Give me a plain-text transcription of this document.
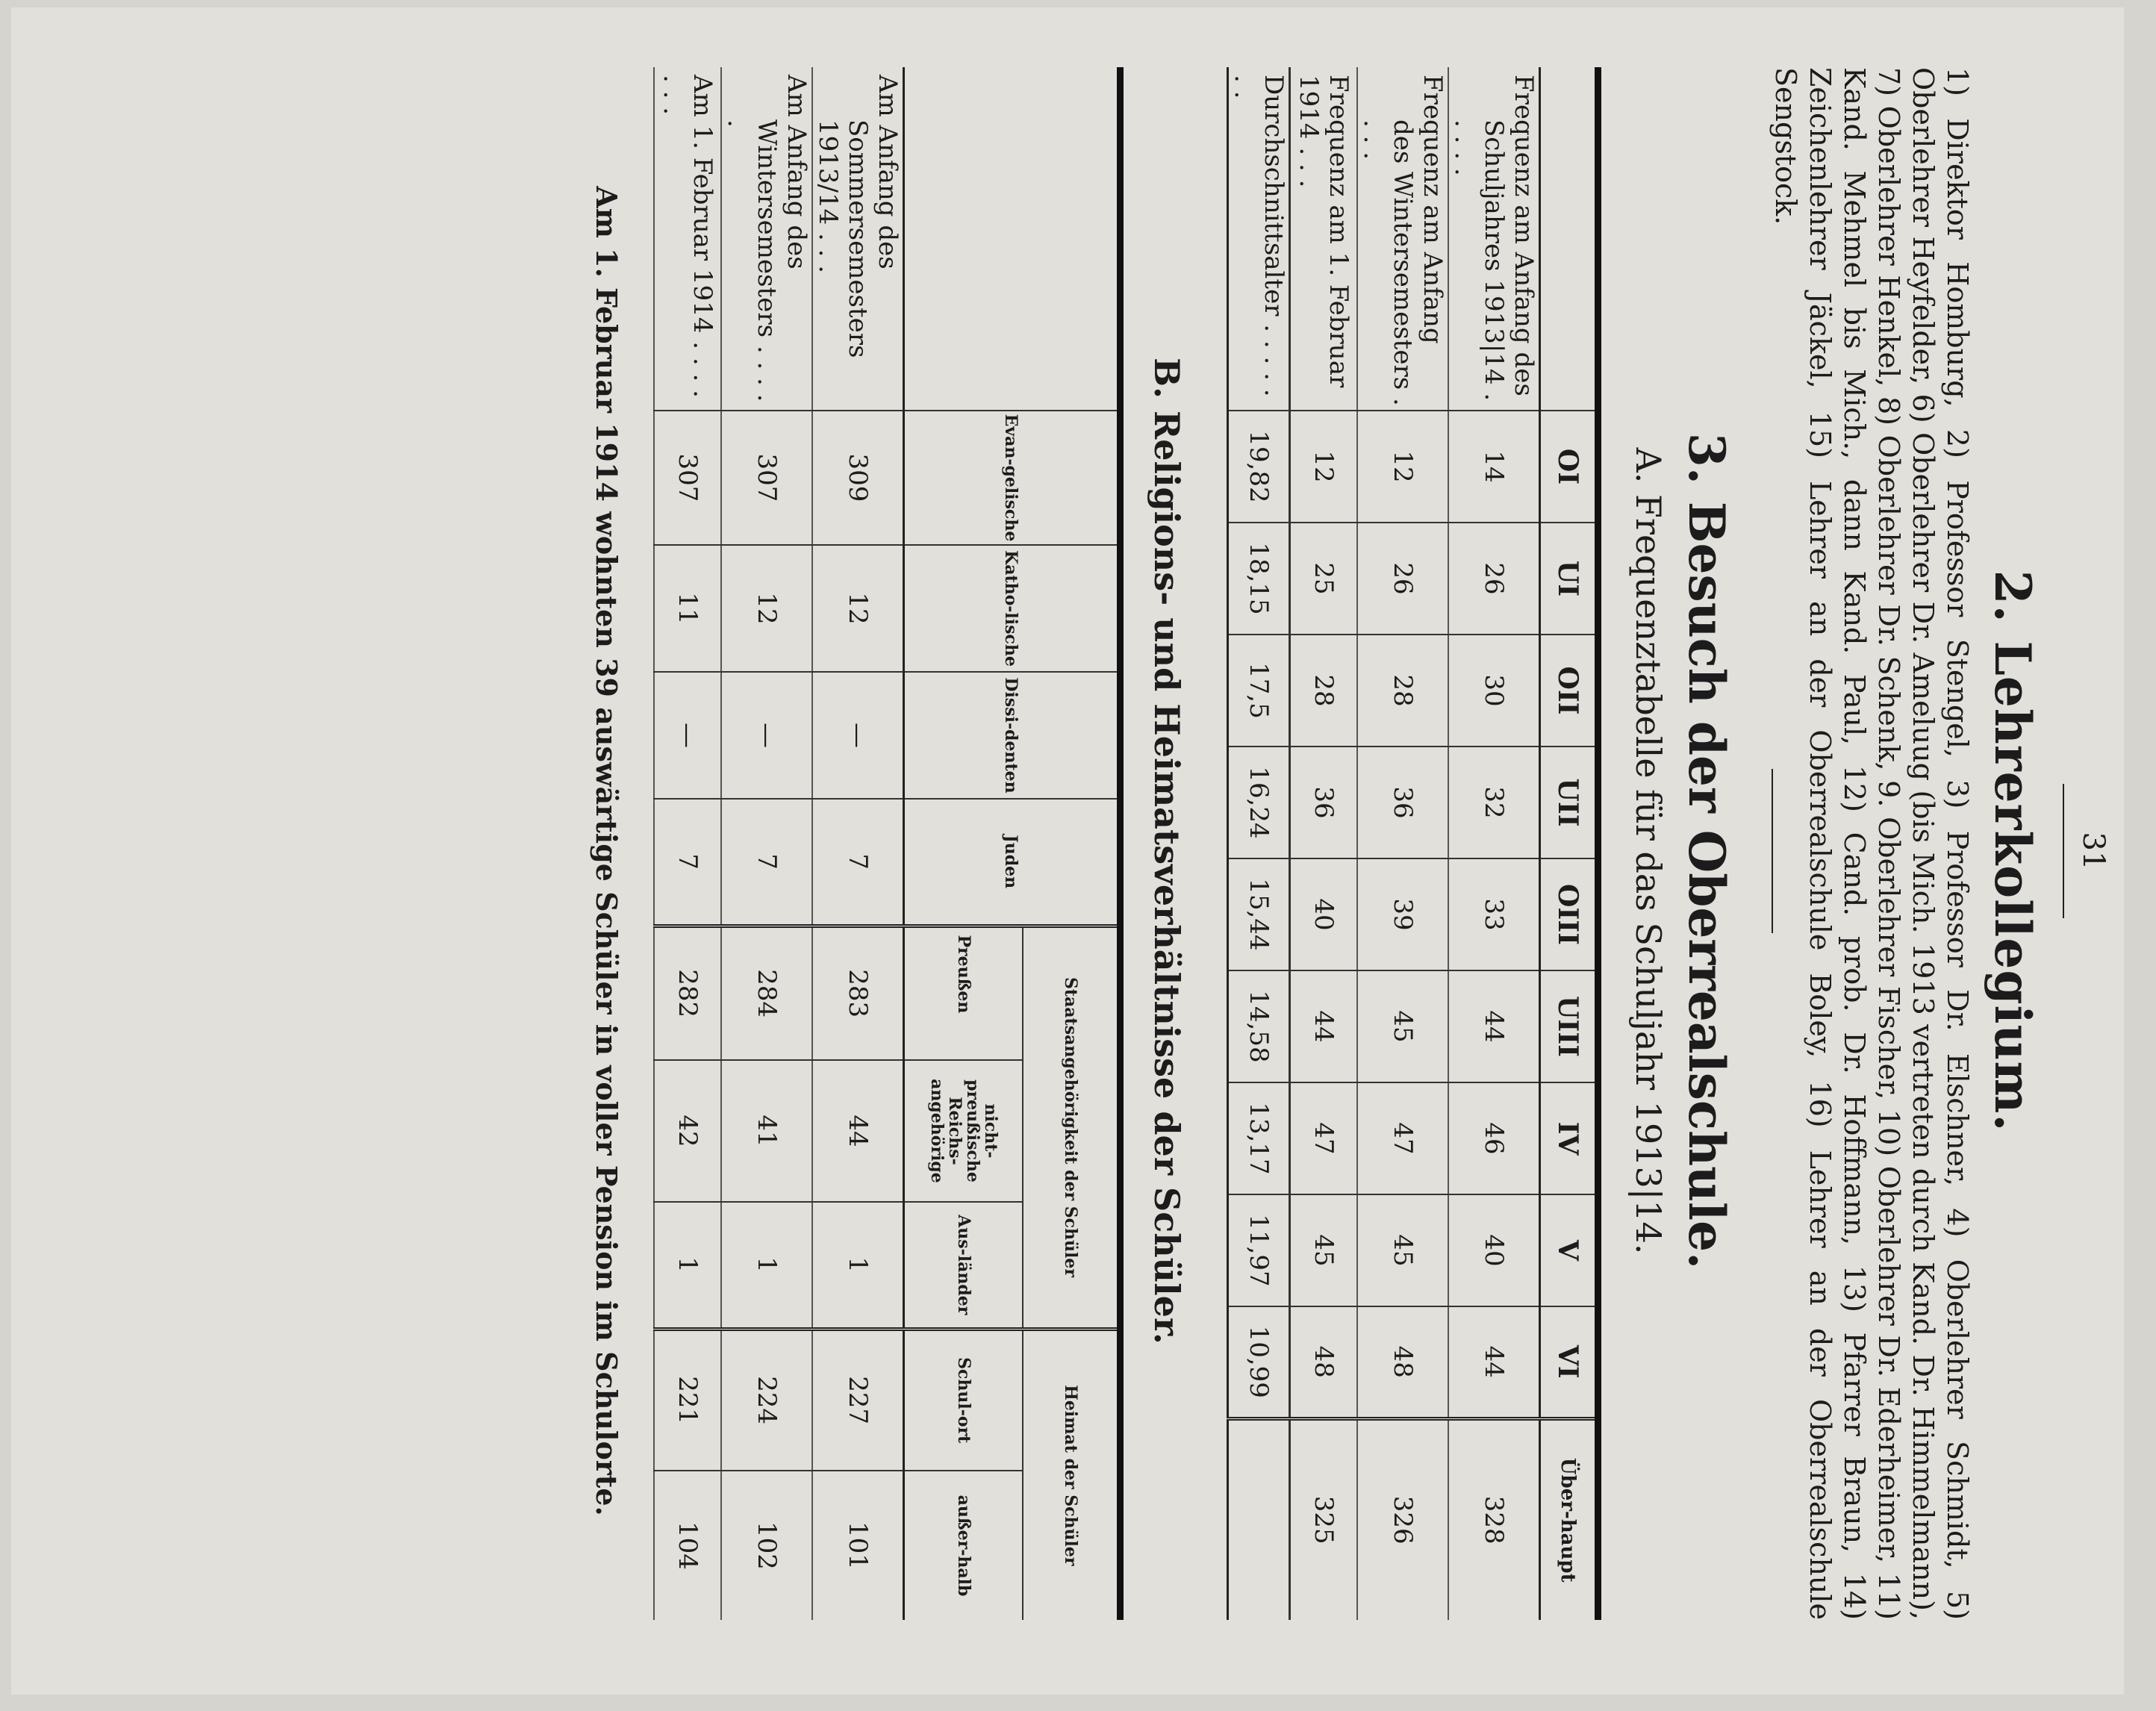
31
2. Lehrerkollegium.
1) Direktor Homburg, 2) Professor Stengel, 3) Professor Dr. Elschner, 4) Oberlehrer Schmidt, 5) Oberlehrer Heyfelder, 6) Oberlehrer Dr. Ameluug (bis Mich. 1913 vertreten durch Kand. Dr. Himmelmann), 7) Oberlehrer Henkel, 8) Oberlehrer Dr. Schenk, 9. Oberlehrer Fischer, 10) Oberlehrer Dr. Ederheimer, 11) Kand. Mehmel bis Mich., dann Kand. Paul, 12) Cand. prob. Dr. Hoffmann, 13) Pfarrer Braun, 14) Zeichenlehrer Jäckel, 15) Lehrer an der Oberrealschule Boley, 16) Lehrer an der Oberrealschule Sengstock.
3. Besuch der Oberrealschule.
A. Frequenztabelle für das Schuljahr 1913|14.
	OI	UI	OII	UII	OIII	UIII	IV	V	VI	Über-haupt
Frequenz am Anfang des
Schuljahres 1913|14 . . . . .	14	26	30	32	33	44	46	40	44	328
Frequenz am Anfang
des Wintersemesters . . . .	12	26	28	36	39	45	47	45	48	326
Frequenz am 1. Februar 1914 . . .	12	25	28	36	40	44	47	45	48	325
Durchschnittsalter . . . . . . .	19,82	18,15	17,5	16,24	15,44	14,58	13,17	11,97	10,99	
B. Religions- und Heimatsverhältnisse der Schüler.
	Evan-gelische	Katho-lische	Dissi-denten	Juden	Staatsangehörigkeit der Schüler			Heimat der Schüler	
					Preußen	nicht-preußische Reichs-angehörige	Aus-länder	Schul-ort	außer-halb
Am Anfang des
Sommersemesters 1913/14 . . .	309	12	—	7	283	44	1	227	101
Am Anfang des
Wintersemesters . . . . .	307	12	—	7	284	41	1	224	102
Am 1. Februar 1914 . . . . . . .	307	11	—	7	282	42	1	221	104
Am 1. Februar 1914 wohnten 39 auswärtige Schüler in voller Pension im Schulorte.
